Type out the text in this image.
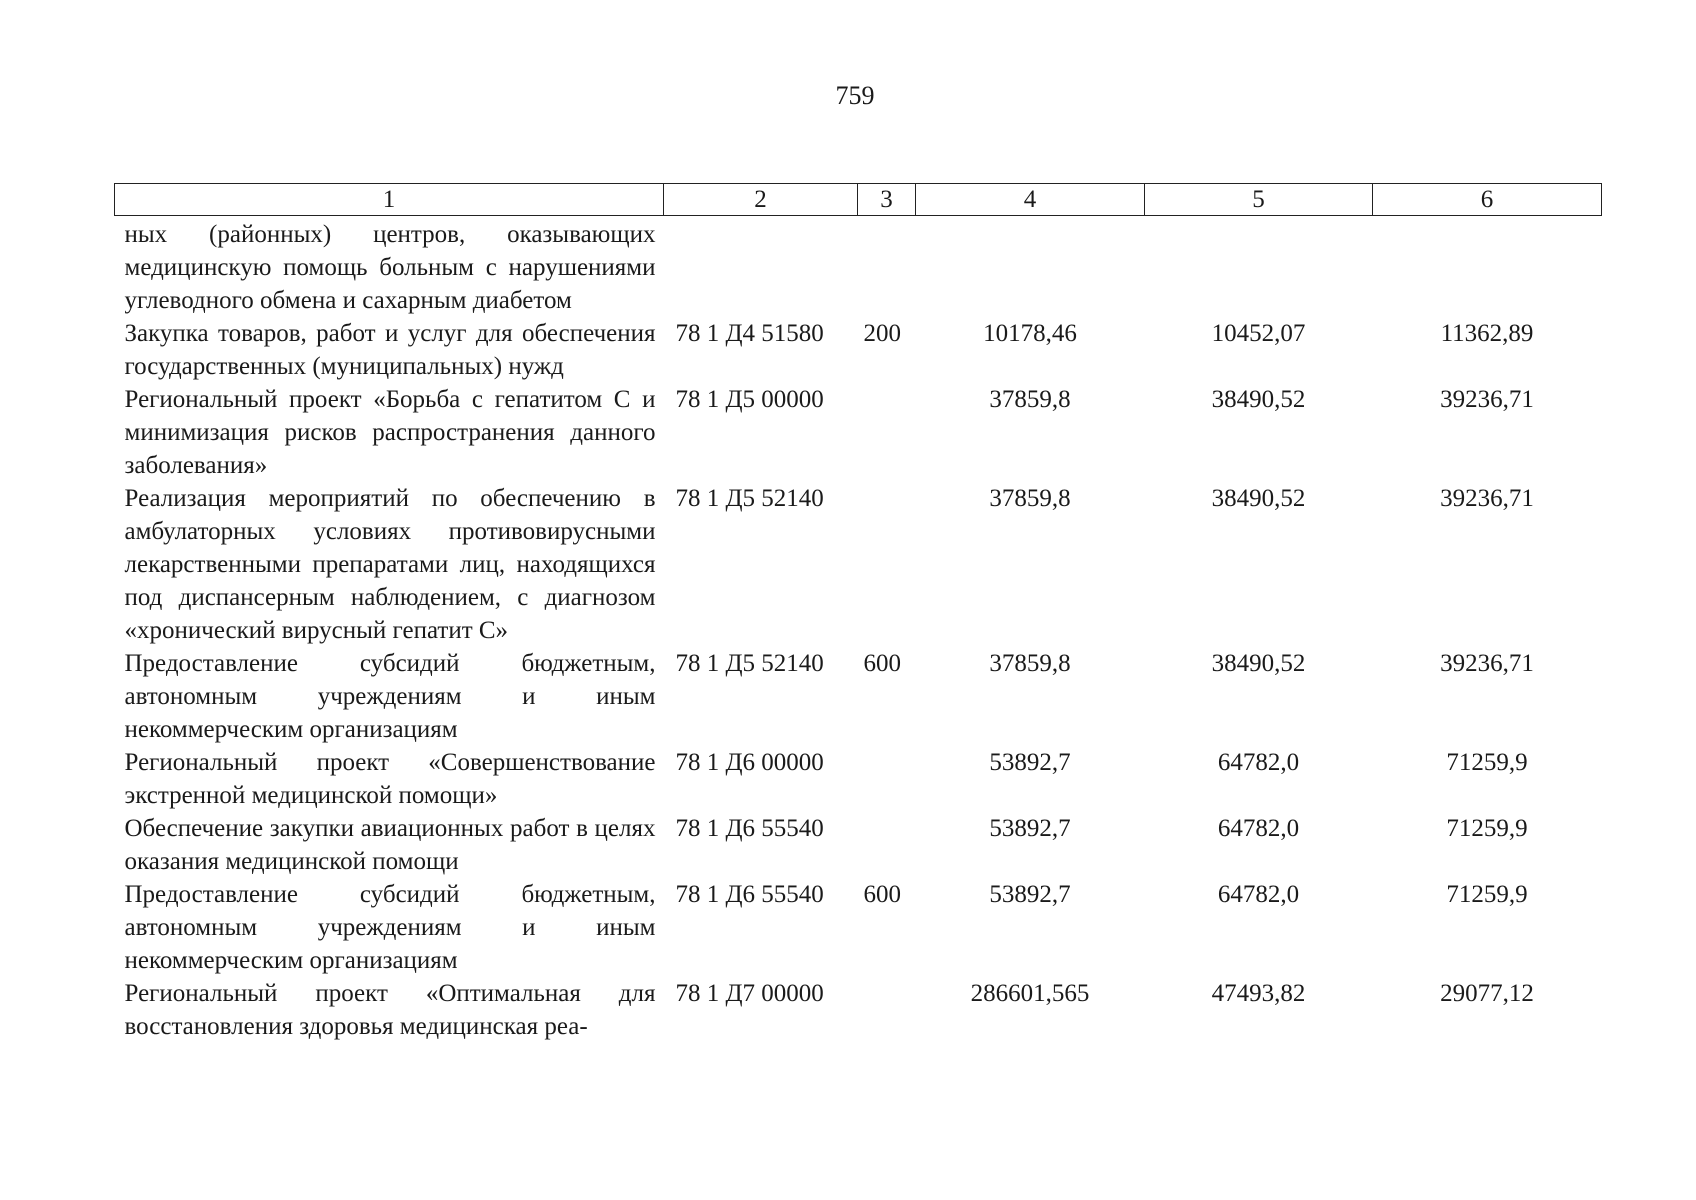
759
1	2	3	4	5	6
ных (районных) центров, оказывающих медицинскую помощь больным с нарушениями углеводного обмена и сахарным диабетом					
Закупка товаров, работ и услуг для обеспечения государственных (муниципальных) нужд	78 1 Д4 51580	200	10178,46	10452,07	11362,89
Региональный проект «Борьба с гепатитом С и минимизация рисков распространения данного заболевания»	78 1 Д5 00000		37859,8	38490,52	39236,71
Реализация мероприятий по обеспечению в амбулаторных условиях противовирусными лекарственными препаратами лиц, находящихся под диспансерным наблюдением, с диагнозом «хронический вирусный гепатит С»	78 1 Д5 52140		37859,8	38490,52	39236,71
Предоставление субсидий бюджетным, автономным учреждениям и иным некоммерческим организациям	78 1 Д5 52140	600	37859,8	38490,52	39236,71
Региональный проект «Совершенствование экстренной медицинской помощи»	78 1 Д6 00000		53892,7	64782,0	71259,9
Обеспечение закупки авиационных работ в целях оказания медицинской помощи	78 1 Д6 55540		53892,7	64782,0	71259,9
Предоставление субсидий бюджетным, автономным учреждениям и иным некоммерческим организациям	78 1 Д6 55540	600	53892,7	64782,0	71259,9
Региональный проект «Оптимальная для восстановления здоровья медицинская реа-	78 1 Д7 00000		286601,565	47493,82	29077,12
